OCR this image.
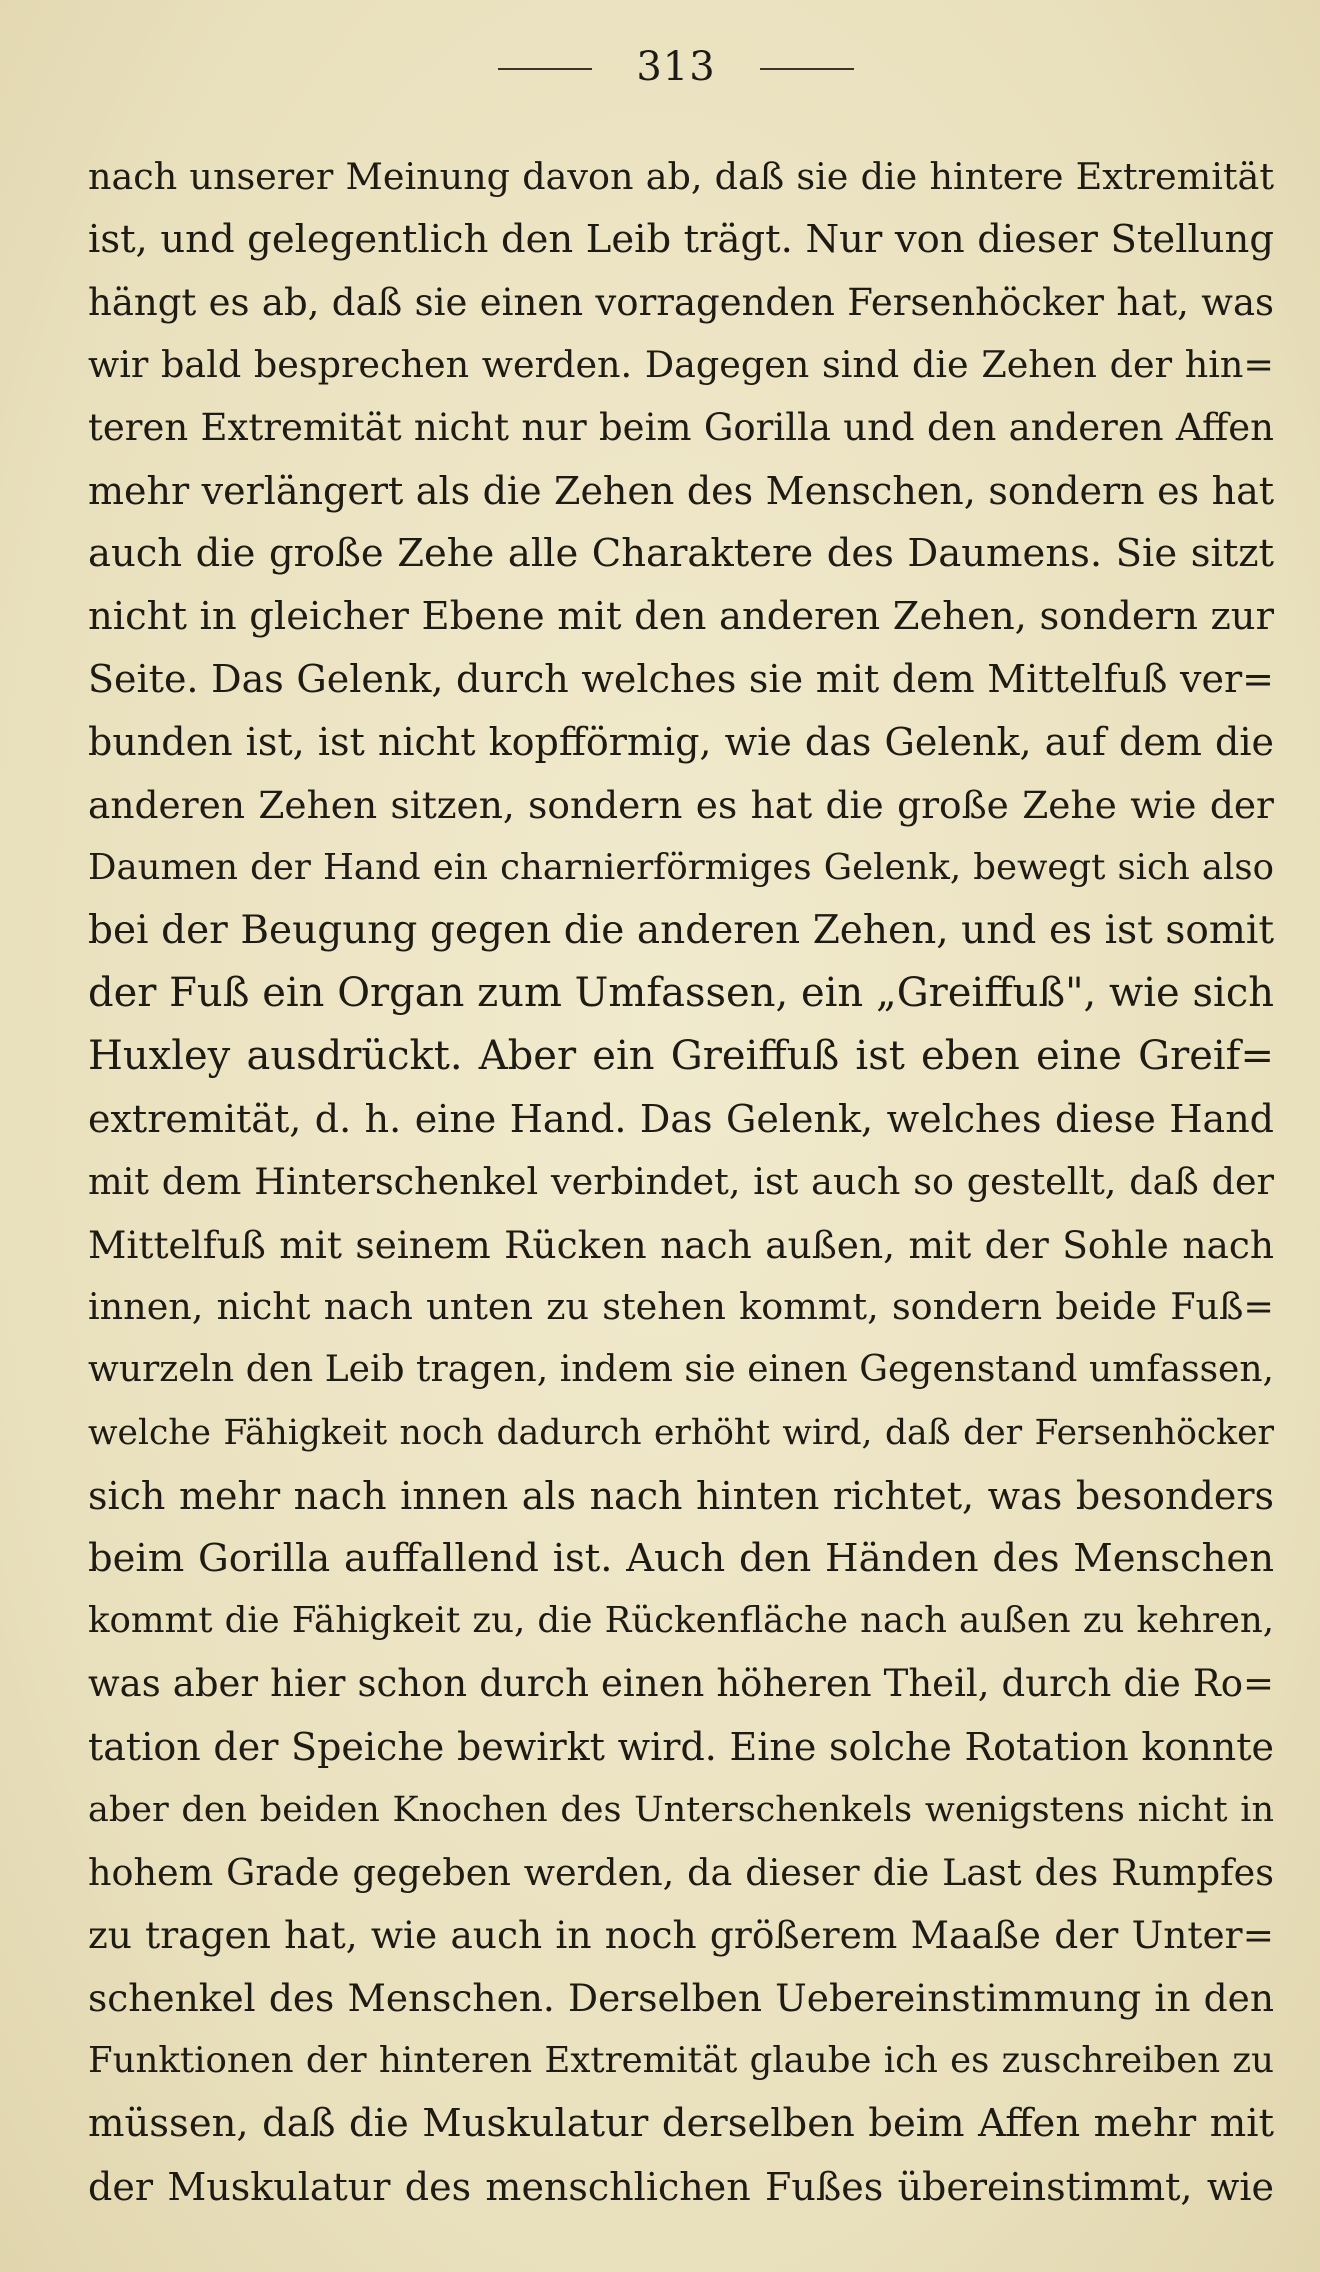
313
nach unserer Meinung davon ab, daß sie die hintere Extremität
ist, und gelegentlich den Leib trägt. Nur von dieser Stellung
hängt es ab, daß sie einen vorragenden Fersenhöcker hat, was
wir bald besprechen werden. Dagegen sind die Zehen der hin=
teren Extremität nicht nur beim Gorilla und den anderen Affen
mehr verlängert als die Zehen des Menschen, sondern es hat
auch die große Zehe alle Charaktere des Daumens. Sie sitzt
nicht in gleicher Ebene mit den anderen Zehen, sondern zur
Seite. Das Gelenk, durch welches sie mit dem Mittelfuß ver=
bunden ist, ist nicht kopfförmig, wie das Gelenk, auf dem die
anderen Zehen sitzen, sondern es hat die große Zehe wie der
Daumen der Hand ein charnierförmiges Gelenk, bewegt sich also
bei der Beugung gegen die anderen Zehen, und es ist somit
der Fuß ein Organ zum Umfassen, ein „Greiffuß", wie sich
Huxley ausdrückt. Aber ein Greiffuß ist eben eine Greif=
extremität, d. h. eine Hand. Das Gelenk, welches diese Hand
mit dem Hinterschenkel verbindet, ist auch so gestellt, daß der
Mittelfuß mit seinem Rücken nach außen, mit der Sohle nach
innen, nicht nach unten zu stehen kommt, sondern beide Fuß=
wurzeln den Leib tragen, indem sie einen Gegenstand umfassen,
welche Fähigkeit noch dadurch erhöht wird, daß der Fersenhöcker
sich mehr nach innen als nach hinten richtet, was besonders
beim Gorilla auffallend ist. Auch den Händen des Menschen
kommt die Fähigkeit zu, die Rückenfläche nach außen zu kehren,
was aber hier schon durch einen höheren Theil, durch die Ro=
tation der Speiche bewirkt wird. Eine solche Rotation konnte
aber den beiden Knochen des Unterschenkels wenigstens nicht in
hohem Grade gegeben werden, da dieser die Last des Rumpfes
zu tragen hat, wie auch in noch größerem Maaße der Unter=
schenkel des Menschen. Derselben Uebereinstimmung in den
Funktionen der hinteren Extremität glaube ich es zuschreiben zu
müssen, daß die Muskulatur derselben beim Affen mehr mit
der Muskulatur des menschlichen Fußes übereinstimmt, wie
